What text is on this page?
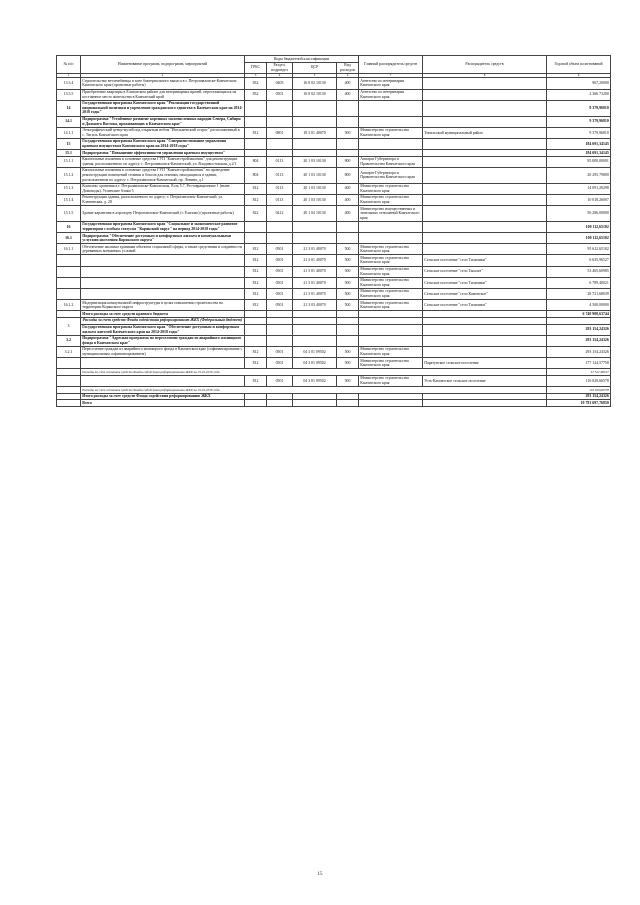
№ п/п	Наименование программ, подпрограмм, мероприятий	Коды бюджетной классификации				Главный распорядитель средств	Распорядитель средств	Годовой объем ассигнований
		ГРБС	Раздел, подраздел	ЦСР	Вид расходов			
1	2	3	4	5	6	7	8	9
13.3.4	Строительство ветлечебницы в зоне бактериального выпаса в г. Петропавловске-Камчатском Камчатского края (проектные работы)	832	0405	16 8 02 10130	400	Агентство по ветеринарии Камчатского края		967,20000
13.3.5	Приобретение квартиры в Елизовском районе для ветеринарных врачей, переселяющихся на постоянное место жительства в Камчатский край	832	0501	16 8 02 10130	400	Агентство по ветеринарии Камчатского края		2 366 73200
14	Государственная программа Камчатского края "Реализация государственной национальной политики и укрепление гражданского единства в Камчатском крае на 2014-2018 годы"							9 379,96810
14.1	Подпрограмма "Устойчивое развитие коренных малочисленных народов Севера, Сибири и Дальнего Востока, проживающих в Камчатском крае"							9 379,96810
14.1.1	Этнографический центр-музей под открытым небом "Ительменский острог" расположенный в с. Тигиль Камчатского края	812	0801	18 3 01 40070	500	Министерство строительства Камчатского края	Тигильский муниципальный район	9 379,96810
15	Государственная программа Камчатского края "Совершенствование управления краевым имуществом Камчатского края на 2014-2018 годы"							184 691,34145
15.1	Подпрограмма "Повышение эффективности управления краевым имуществом"							184 691,34145
15.1.1	Капитальные вложения в основные средства ГУП "Камчатстройзаказчик" для реконструкции здания, расположенного по адресу: г. Петропавловск-Камчатский, ул. Владивостокская, д.2/1	804	0113	20 1 03 10130	800	Аппарат Губернатора и Правительства Камчатского края		85 000,00001
15.1.2	Капитальные вложения в основные средства ГУП "Камчатстройзаказчик" на проведение реконструкции помещений стоянки и боксов для техники, находящихся в здании, расположенном по адресу: г. Петропавловск-Камчатский, пр. Ленина, д.1	804	0113	20 1 03 10130	800	Аппарат Губернатора и Правительства Камчатского края		20 295,79800
15.1.3	Комплекс хранения в г. Петропавловске-Камчатском, Есть 5.7, Реставрационные 1 (ныне Домоводы), Успенские блоки 5	812	0113	20 1 03 10130	400	Министерство строительства Камчатского края		14 091,28298
15.1.4	Реконструкция здания, расположенного по адресу: г. Петропавловск-Камчатский, ул. Ключевская, д. 28	812	0113	20 1 03 10130	400	Министерство строительства Камчатского края		10 018,26007
15.1.5	Здание карантина в аэропорту Петропавловск-Камчатский (г. Елизово) (проектные работы)	822	0412	20 1 04 10130	400	Министерство имущественных и земельных отношений Камчатского края		56 286,00000
16	Государственная программа Камчатского края "Социальное и экономическое развитие территории с особым статусом "Корякский округ" на период 2014-2018 годы"							100 112,65102
16.1	Подпрограмма "Обеспечение доступным и комфортным жильем и коммунальными услугами населения Корякского округа"							100 112,65102
16.1.1	Обеспечение жилыми зданиями объектов социальной сферы, а также средствами в сохранности деревянных кончанных условий	812	0501	21 3 01 40070	500	Министерство строительства Камчатского края		95 612,65102
		812	0501	21 3 01 40070	500	Министерство строительства Камчатского края	Сельское поселение "село Тиличики"	6 635,96527
		812	0501	21 3 01 40070	500	Министерство строительства Камчатского края	Сельское поселение "село Тымлат"	53 465,60985
		812	0501	21 3 01 40070	500	Министерство строительства Камчатского края	Сельское поселение "село Тиличики"	6 789,40021
		812	0501	21 3 01 40070	500	Министерство строительства Камчатского края	Сельское поселение "село Каменское"	28 721,68039
16.1.2	Модернизация коммунальной инфраструктуры в целях повышения строительства на территории Корякского округа	812	0501	21 3 03 40070	500	Министерство строительства Камчатского края	Сельское поселение "село Тиличики"	4 500,00000
	Итого расходы за счет средств краевого бюджета							6 740 908,63744
3	Расходы за счет средств Фонда содействия реформированию ЖКХ (Федеральный бюджет)							
	Государственная программа Камчатского края "Обеспечение доступным и комфортным жильем жителей Камчатского края на 2014-2018 годы"							293 154,24326
3.2	Подпрограмма "Адресная программа по переселению граждан из аварийного жилищного фонда в Камчатском крае"							293 154,24326
3.2.1	Переселение граждан из аварийного жилищного фонда в Камчатском крае (софинансирование с муниципальным софинансированием)	812	0501	04 3 01 09502	500	Министерство строительства Камчатского края		293 154,24326
		812	0501	04 3 01 09502	500	Министерство строительства Камчатского края	Паратунское сельское поселение	177 124,57758
	Расходы за счет остатков средств Фонда содействия реформированию ЖКХ на 01.01.2016 года							57 521,98197
		812	0501	04 3 01 09502	500	Министерство строительства Камчатского края	Усть-Камчатское сельское поселение	116 029,66578
	Расходы за счет остатков средств Фонда содействия реформированию ЖКХ на 01.01.2016 года							116 029,66578
	Итого расходы за счет средств Фонда содействия реформированию ЖКХ							293 154,24326
	Всего							10 781 697,76850
15
